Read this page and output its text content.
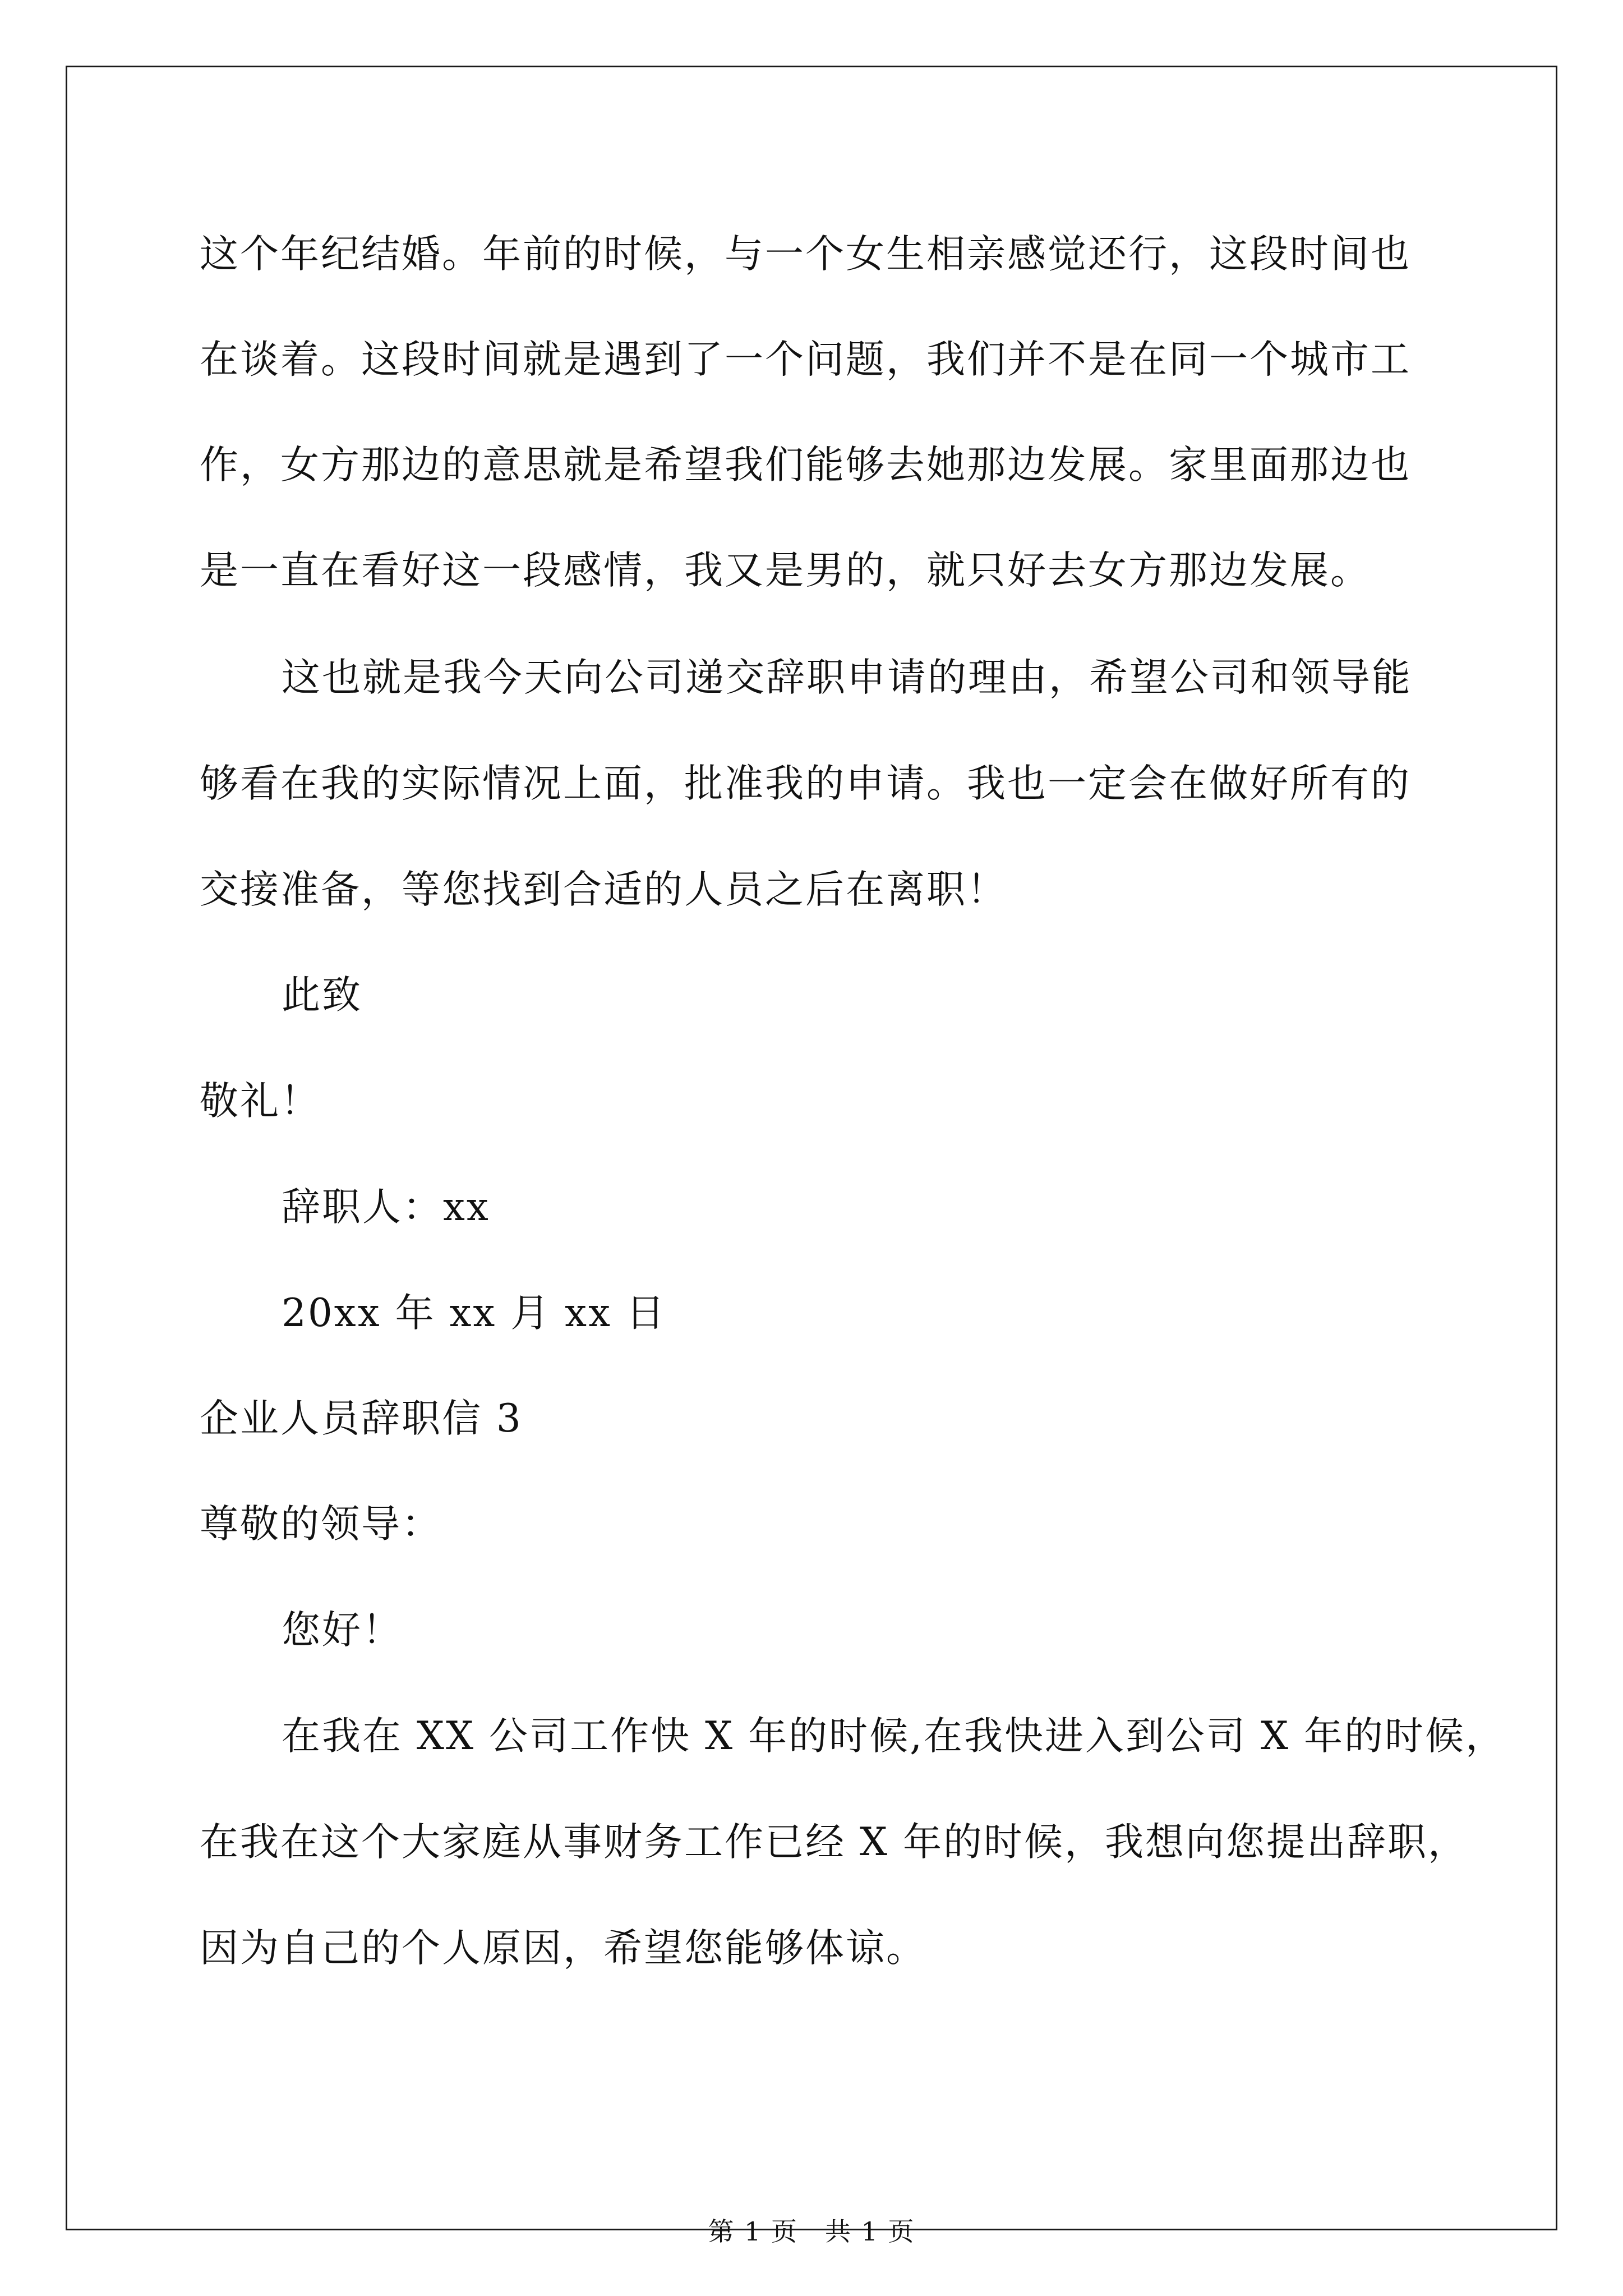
这个年纪结婚。年前的时候，与一个女生相亲感觉还行，这段时间也
在谈着。这段时间就是遇到了一个问题，我们并不是在同一个城市工
作，女方那边的意思就是希望我们能够去她那边发展。家里面那边也
是一直在看好这一段感情，我又是男的，就只好去女方那边发展。
这也就是我今天向公司递交辞职申请的理由，希望公司和领导能
够看在我的实际情况上面，批准我的申请。我也一定会在做好所有的
交接准备，等您找到合适的人员之后在离职！
此致
敬礼！
辞职人：xx
20xx 年 xx 月 xx 日
企业人员辞职信 3
尊敬的领导：
您好！
在我在 XX 公司工作快 X 年的时候,在我快进入到公司 X 年的时候，
在我在这个大家庭从事财务工作已经 X 年的时候，我想向您提出辞职，
因为自己的个人原因，希望您能够体谅。
第 1 页　共 1 页
